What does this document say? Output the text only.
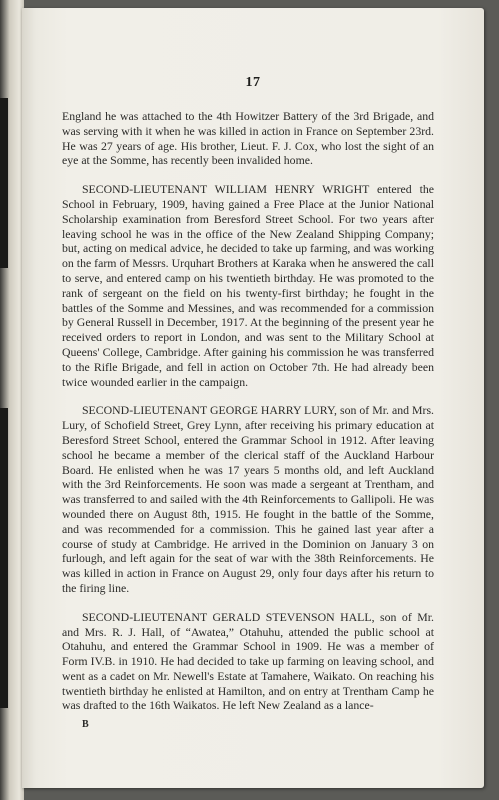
17

England he was attached to the 4th Howitzer Battery of the 3rd Brigade, and was serving with it when he was killed in action in France on September 23rd. He was 27 years of age. His brother, Lieut. F. J. Cox, who lost the sight of an eye at the Somme, has recently been invalided home.

SECOND-LIEUTENANT WILLIAM HENRY WRIGHT entered the School in February, 1909, having gained a Free Place at the Junior National Scholarship examination from Beresford Street School. For two years after leaving school he was in the office of the New Zealand Shipping Company; but, acting on medical advice, he decided to take up farming, and was working on the farm of Messrs. Urquhart Brothers at Karaka when he answered the call to serve, and entered camp on his twentieth birthday. He was promoted to the rank of sergeant on the field on his twenty-first birthday; he fought in the battles of the Somme and Messines, and was recommended for a commission by General Russell in December, 1917. At the beginning of the present year he received orders to report in London, and was sent to the Military School at Queens' College, Cambridge. After gaining his commission he was transferred to the Rifle Brigade, and fell in action on October 7th. He had already been twice wounded earlier in the campaign.

SECOND-LIEUTENANT GEORGE HARRY LURY, son of Mr. and Mrs. Lury, of Schofield Street, Grey Lynn, after receiving his primary education at Beresford Street School, entered the Grammar School in 1912. After leaving school he became a member of the clerical staff of the Auckland Harbour Board. He enlisted when he was 17 years 5 months old, and left Auckland with the 3rd Reinforcements. He soon was made a sergeant at Trentham, and was transferred to and sailed with the 4th Reinforcements to Gallipoli. He was wounded there on August 8th, 1915. He fought in the battle of the Somme, and was recommended for a commission. This he gained last year after a course of study at Cambridge. He arrived in the Dominion on January 3 on furlough, and left again for the seat of war with the 38th Reinforcements. He was killed in action in France on August 29, only four days after his return to the firing line.

SECOND-LIEUTENANT GERALD STEVENSON HALL, son of Mr. and Mrs. R. J. Hall, of “Awatea,” Otahuhu, attended the public school at Otahuhu, and entered the Grammar School in 1909. He was a member of Form IV.B. in 1910. He had decided to take up farming on leaving school, and went as a cadet on Mr. Newell's Estate at Tamahere, Waikato. On reaching his twentieth birthday he enlisted at Hamilton, and on entry at Trentham Camp he was drafted to the 16th Waikatos. He left New Zealand as a lance-

B
